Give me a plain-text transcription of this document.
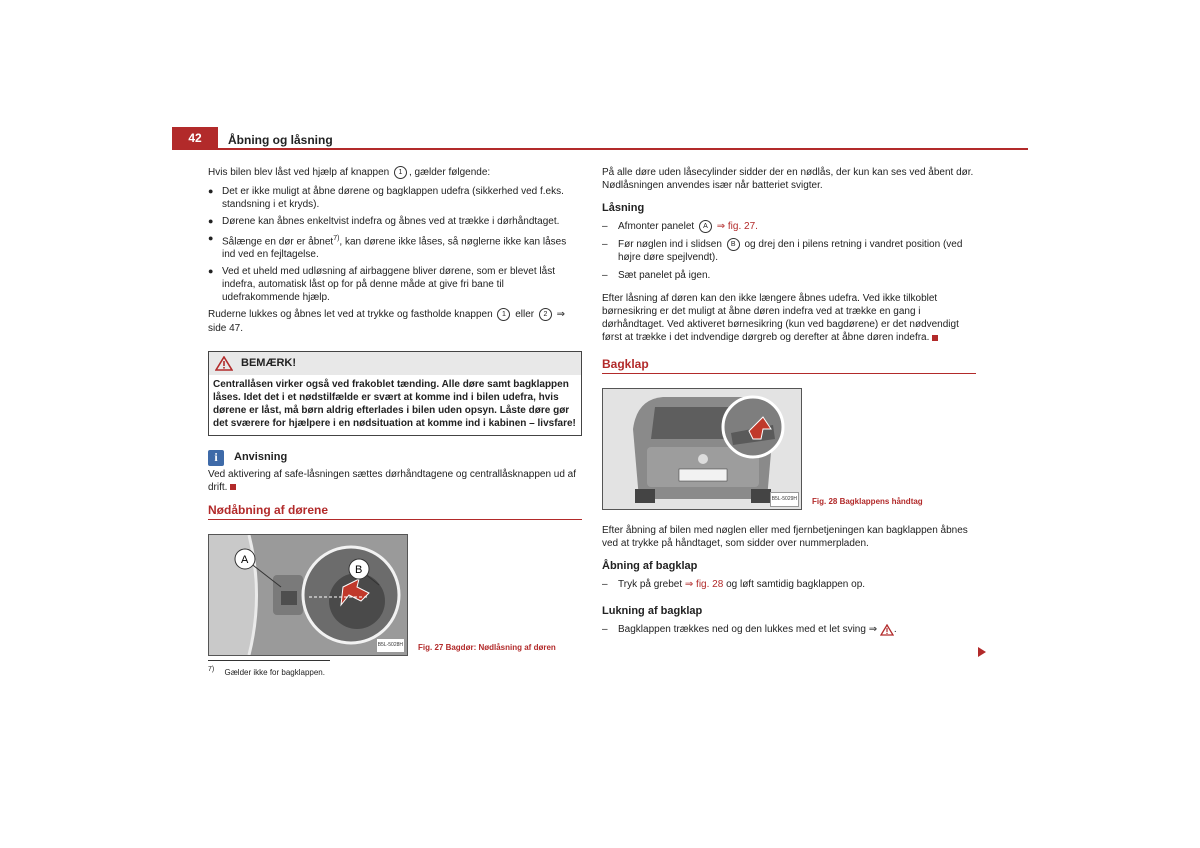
42	Åbning og låsning

Hvis bilen blev låst ved hjælp af knappen 1 , gælder følgende:

● Det er ikke muligt at åbne dørene og bagklappen udefra (sikkerhed ved f.eks. standsning i et kryds).
● Dørene kan åbnes enkeltvist indefra og åbnes ved at trække i dørhåndtaget.
● Sålænge en dør er åbnet$^{7)}$, kan dørene ikke låses, så nøglerne ikke kan låses ind ved en fejltagelse.
● Ved et uheld med udløsning af airbaggene bliver dørene, som er blevet låst indefra, automatisk låst op for på denne måde at give fri bane til udefrakommende hjælp.

Ruderne lukkes og åbnes let ved at trykke og fastholde knappen 1 eller 2 ⇒ side 47.

BEMÆRK!
Centrallåsen virker også ved frakoblet tænding. Alle døre samt bagklappen låses. Idet det i et nødstilfælde er svært at komme ind i bilen udefra, hvis dørene er låst, må børn aldrig efterlades i bilen uden opsyn. Låste døre gør det sværere for hjælpere i en nødsituation at komme ind i kabinen – livsfare!
i	Anvisning

Ved aktivering af safe-låsningen sættes dørhåndtagene og centrallåsknappen ud af drift.

Nødåbning af dørene
A
B
B5L-5028H Fig. 27 Bagdør: Nødlåsning af døren

På alle døre uden låsecylinder sidder der en nødlås, der kun kan ses ved åbent dør. Nødlåsningen anvendes især når batteriet svigter.

Låsning
–	Afmonter panelet A ⇒ fig. 27.
–	Før nøglen ind i slidsen B og drej den i pilens retning i vandret position (ved højre døre spejlvendt).
–	Sæt panelet på igen.

Efter låsning af døren kan den ikke længere åbnes udefra. Ved ikke tilkoblet børnesikring er det muligt at åbne døren indefra ved at trække en gang i dørhåndtaget. Ved aktiveret børnesikring (kun ved bagdørene) er det nødvendigt først at trække i det indvendige dørgreb og derefter at åbne døren indefra.

Bagklap
B5L-5029H Fig. 28 Bagklappens håndtag

Efter åbning af bilen med nøglen eller med fjernbetjeningen kan bagklappen åbnes ved at trykke på håndtaget, som sidder over nummerpladen.

Åbning af bagklap
–	Tryk på grebet ⇒ fig. 28 og løft samtidig bagklappen op.
Lukning af bagklap
–	Bagklappen trækkes ned og den lukkes med et let sving ⇒ .
$^{7)}$ Gælder ikke for bagklappen.
